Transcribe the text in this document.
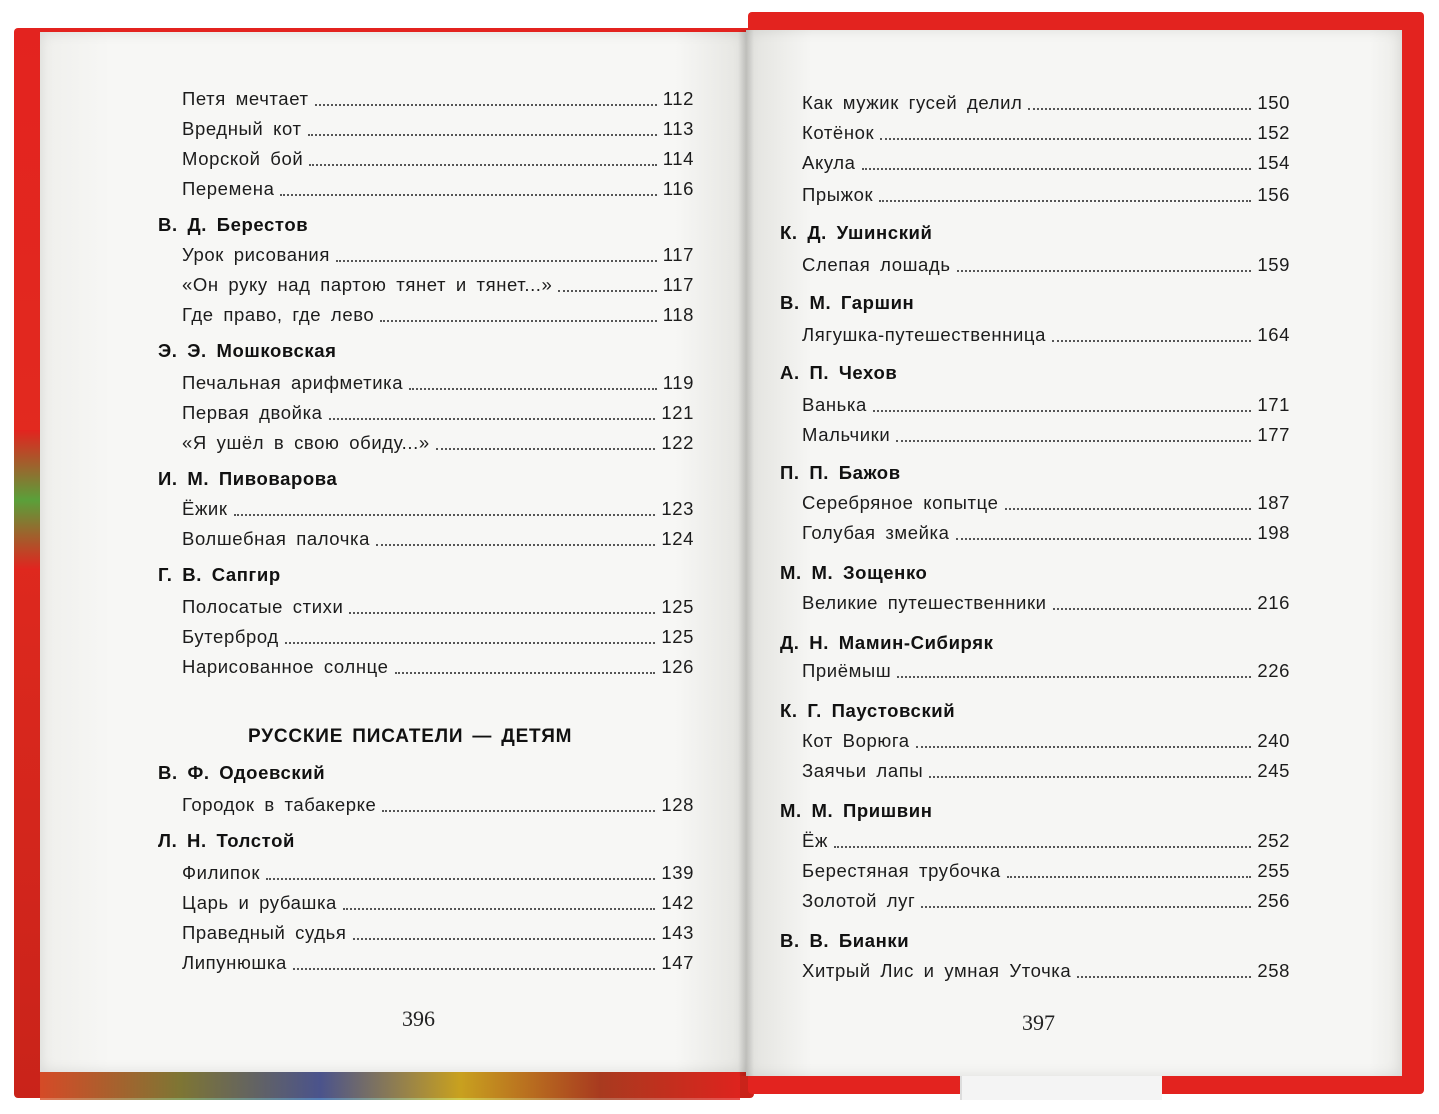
Петя мечтает	112
Вредный кот	113
Морской бой	114
Перемена	116
В. Д. Берестов
Урок рисования	117
«Он руку над партою тянет и тянет...»	117
Где право, где лево	118
Э. Э. Мошковская
Печальная арифметика	119
Первая двойка	121
«Я ушёл в свою обиду...»	122
И. М. Пивоварова
Ёжик	123
Волшебная палочка	124
Г. В. Сапгир
Полосатые стихи	125
Бутерброд	125
Нарисованное солнце	126
РУССКИЕ ПИСАТЕЛИ — ДЕТЯМ
В. Ф. Одоевский
Городок в табакерке	128
Л. Н. Толстой
Филипок	139
Царь и рубашка	142
Праведный судья	143
Липунюшка	147
Как мужик гусей делил	150
Котёнок	152
Акула	154
Прыжок	156
К. Д. Ушинский
Слепая лошадь	159
В. М. Гаршин
Лягушка-путешественница	164
А. П. Чехов
Ванька	171
Мальчики	177
П. П. Бажов
Серебряное копытце	187
Голубая змейка	198
М. М. Зощенко
Великие путешественники	216
Д. Н. Мамин-Сибиряк
Приёмыш	226
К. Г. Паустовский
Кот Ворюга	240
Заячьи лапы	245
М. М. Пришвин
Ёж	252
Берестяная трубочка	255
Золотой луг	256
В. В. Бианки
Хитрый Лис и умная Уточка	258
396	397
